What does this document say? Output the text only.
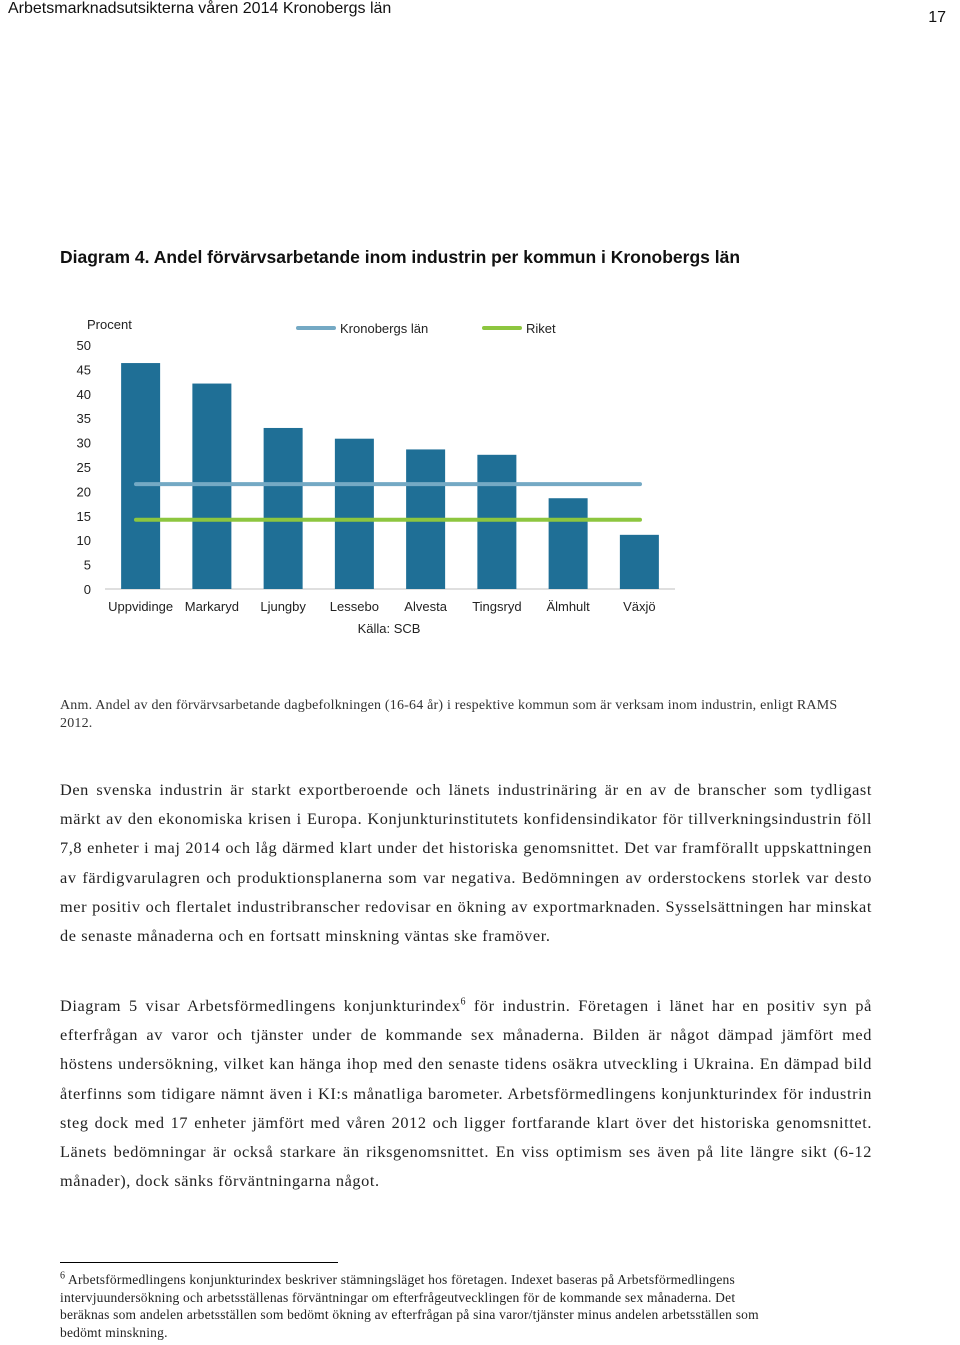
Arbetsmarknadsutsikterna våren 2014 Kronobergs län
17
Diagram 4. Andel förvärvsarbetande inom industrin per kommun i Kronobergs län
Procent
0
5
10
15
20
25
30
35
40
45
50
Uppvidinge Markaryd Ljungby Lessebo Alvesta Tingsryd Älmhult	Växjö
Kronobergs län	Riket
Källa: SCB
Anm. Andel av den förvärvsarbetande dagbefolkningen (16-64 år) i respektive kommun som är verksam inom industrin, enligt RAMS 2012.

Den svenska industrin är starkt exportberoende och länets industrinäring är en av de branscher som tydligast märkt av den ekonomiska krisen i Europa. Konjunkturinstitutets konfidensindikator för tillverkningsindustrin föll 7,8 enheter i maj 2014 och låg därmed klart under det historiska genomsnittet. Det var framförallt uppskattningen av färdigvarulagren och produktionsplanerna som var negativa. Bedömningen av orderstockens storlek var desto mer positiv och flertalet industribranscher redovisar en ökning av exportmarknaden. Sysselsättningen har minskat de senaste månaderna och en fortsatt minskning väntas ske framöver.

Diagram 5 visar Arbetsförmedlingens konjunkturindex$^6$ för industrin. Företagen i länet har en positiv syn på efterfrågan av varor och tjänster under de kommande sex månaderna. Bilden är något dämpad jämfört med höstens undersökning, vilket kan hänga ihop med den senaste tidens osäkra utveckling i Ukraina. En dämpad bild återfinns som tidigare nämnt även i KI:s månatliga barometer. Arbetsförmedlingens konjunkturindex för industrin steg dock med 17 enheter jämfört med våren 2012 och ligger fortfarande klart över det historiska genomsnittet. Länets bedömningar är också starkare än riksgenomsnittet. En viss optimism ses även på lite längre sikt (6-12 månader), dock sänks förväntningarna något.

$^6$ Arbetsförmedlingens konjunkturindex beskriver stämningsläget hos företagen. Indexet baseras på Arbetsförmedlingens intervjuundersökning och arbetsställenas förväntningar om efterfrågeutvecklingen för de kommande sex månaderna. Det beräknas som andelen arbetsställen som bedömt ökning av efterfrågan på sina varor/tjänster minus andelen arbetsställen som bedömt minskning.
